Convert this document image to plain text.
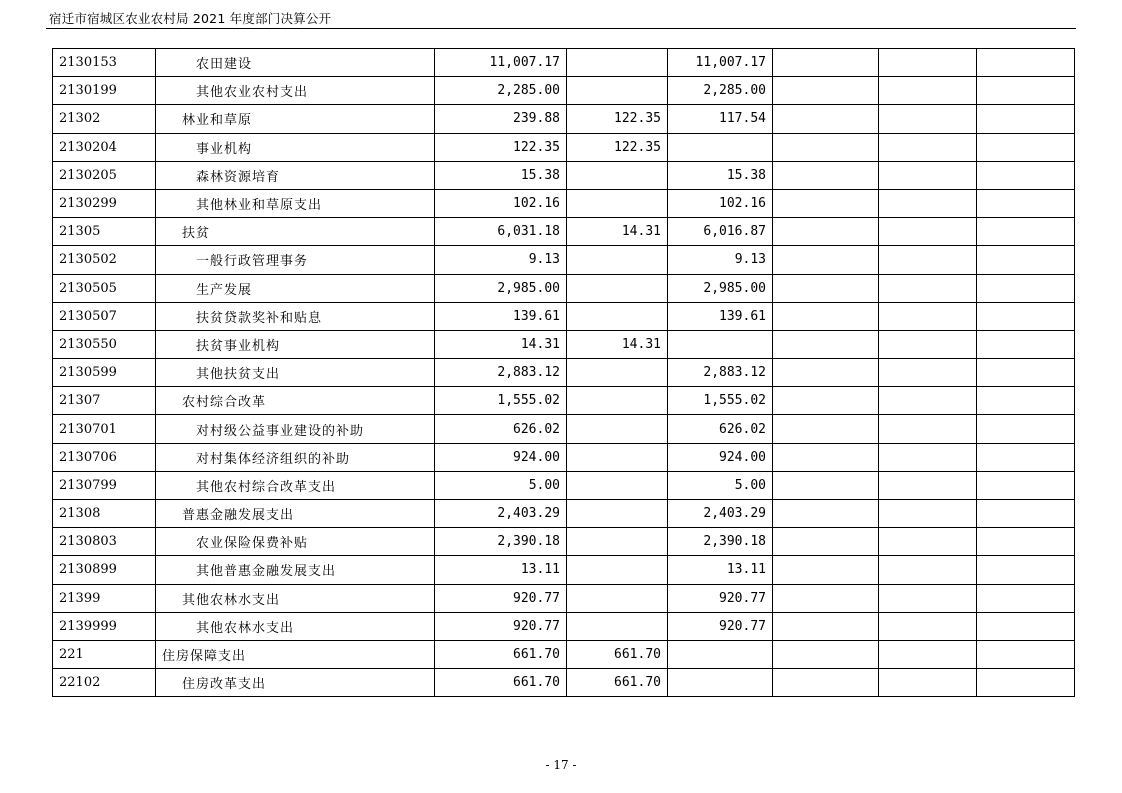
宿迁市宿城区农业农村局 2021 年度部门决算公开
2130153	农田建设	11,007.17		11,007.17			
2130199	其他农业农村支出	2,285.00		2,285.00			
21302	林业和草原	239.88	122.35	117.54			
2130204	事业机构	122.35	122.35				
2130205	森林资源培育	15.38		15.38			
2130299	其他林业和草原支出	102.16		102.16			
21305	扶贫	6,031.18	14.31	6,016.87			
2130502	一般行政管理事务	9.13		9.13			
2130505	生产发展	2,985.00		2,985.00			
2130507	扶贫贷款奖补和贴息	139.61		139.61			
2130550	扶贫事业机构	14.31	14.31				
2130599	其他扶贫支出	2,883.12		2,883.12			
21307	农村综合改革	1,555.02		1,555.02			
2130701	对村级公益事业建设的补助	626.02		626.02			
2130706	对村集体经济组织的补助	924.00		924.00			
2130799	其他农村综合改革支出	5.00		5.00			
21308	普惠金融发展支出	2,403.29		2,403.29			
2130803	农业保险保费补贴	2,390.18		2,390.18			
2130899	其他普惠金融发展支出	13.11		13.11			
21399	其他农林水支出	920.77		920.77			
2139999	其他农林水支出	920.77		920.77			
221	住房保障支出	661.70	661.70				
22102	住房改革支出	661.70	661.70				
- 17 -
